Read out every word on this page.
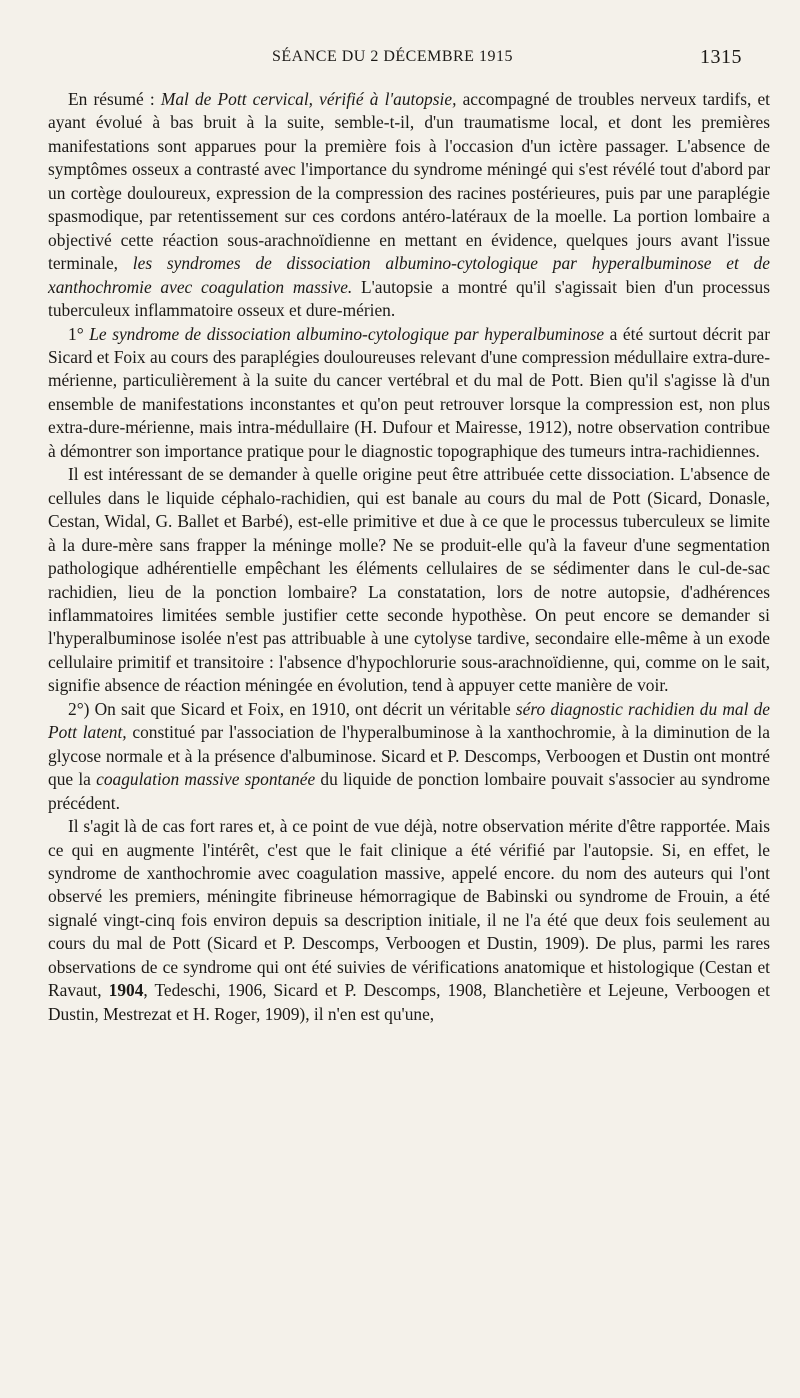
SÉANCE DU 2 DÉCEMBRE 1915	1315

En résumé : Mal de Pott cervical, vérifié à l'autopsie, accompagné de troubles nerveux tardifs, et ayant évolué à bas bruit à la suite, semble-t-il, d'un traumatisme local, et dont les premières manifestations sont apparues pour la première fois à l'occasion d'un ictère passager. L'absence de symptômes osseux a contrasté avec l'importance du syndrome méningé qui s'est révélé tout d'abord par un cortège douloureux, expression de la compression des racines postérieures, puis par une paraplégie spasmodique, par retentissement sur ces cordons antéro-latéraux de la moelle. La portion lombaire a objectivé cette réaction sous-arachnoïdienne en mettant en évidence, quelques jours avant l'issue terminale, les syndromes de dissociation albumino-cytologique par hyperalbuminose et de xanthochromie avec coagulation massive. L'autopsie a montré qu'il s'agissait bien d'un processus tuberculeux inflammatoire osseux et dure-mérien.

1° Le syndrome de dissociation albumino-cytologique par hyperalbuminose a été surtout décrit par Sicard et Foix au cours des paraplégies douloureuses relevant d'une compression médullaire extra-dure-mérienne, particulièrement à la suite du cancer vertébral et du mal de Pott. Bien qu'il s'agisse là d'un ensemble de manifestations inconstantes et qu'on peut retrouver lorsque la compression est, non plus extra-dure-mérienne, mais intra-médullaire (H. Dufour et Mairesse, 1912), notre observation contribue à démontrer son importance pratique pour le diagnostic topographique des tumeurs intra-rachidiennes.

Il est intéressant de se demander à quelle origine peut être attribuée cette dissociation. L'absence de cellules dans le liquide céphalo-rachidien, qui est banale au cours du mal de Pott (Sicard, Donasle, Cestan, Widal, G. Ballet et Barbé), est-elle primitive et due à ce que le processus tuberculeux se limite à la dure-mère sans frapper la méninge molle? Ne se produit-elle qu'à la faveur d'une segmentation pathologique adhérentielle empêchant les éléments cellulaires de se sédimenter dans le cul-de-sac rachidien, lieu de la ponction lombaire? La constatation, lors de notre autopsie, d'adhérences inflammatoires limitées semble justifier cette seconde hypothèse. On peut encore se demander si l'hyperalbuminose isolée n'est pas attribuable à une cytolyse tardive, secondaire elle-même à un exode cellulaire primitif et transitoire : l'absence d'hypochlorurie sous-arachnoïdienne, qui, comme on le sait, signifie absence de réaction méningée en évolution, tend à appuyer cette manière de voir.

2°) On sait que Sicard et Foix, en 1910, ont décrit un véritable séro diagnostic rachidien du mal de Pott latent, constitué par l'association de l'hyperalbuminose à la xanthochromie, à la diminution de la glycose normale et à la présence d'albuminose. Sicard et P. Descomps, Verboogen et Dustin ont montré que la coagulation massive spontanée du liquide de ponction lombaire pouvait s'associer au syndrome précédent.

Il s'agit là de cas fort rares et, à ce point de vue déjà, notre observation mérite d'être rapportée. Mais ce qui en augmente l'intérêt, c'est que le fait clinique a été vérifié par l'autopsie. Si, en effet, le syndrome de xanthochromie avec coagulation massive, appelé encore. du nom des auteurs qui l'ont observé les premiers, méningite fibrineuse hémorragique de Babinski ou syndrome de Frouin, a été signalé vingt-cinq fois environ depuis sa description initiale, il ne l'a été que deux fois seulement au cours du mal de Pott (Sicard et P. Descomps, Verboogen et Dustin, 1909). De plus, parmi les rares observations de ce syndrome qui ont été suivies de vérifications anatomique et histologique (Cestan et Ravaut, 1904, Tedeschi, 1906, Sicard et P. Descomps, 1908, Blanchetière et Lejeune, Verboogen et Dustin, Mestrezat et H. Roger, 1909), il n'en est qu'une,
